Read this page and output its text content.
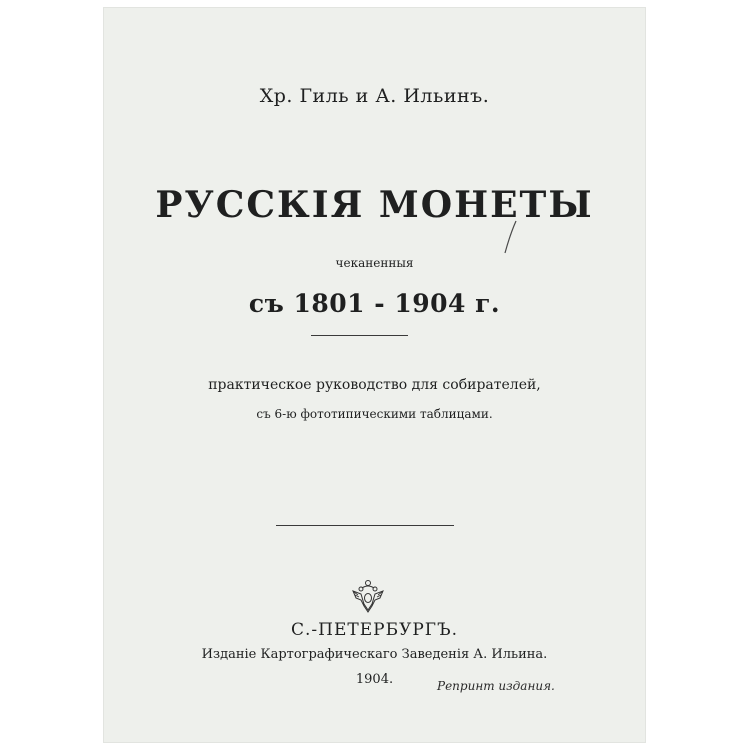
Хр. Гиль и А. Ильинъ.
РУССКІЯ МОНЕТЫ
чеканенныя
съ 1801 - 1904 г.
практическое руководство для собирателей,
съ 6-ю фототипическими таблицами.
С.-ПЕТЕРБУРГЪ.
Изданіе Картографическаго Заведенія А. Ильина.
1904.	Репринт издания.
